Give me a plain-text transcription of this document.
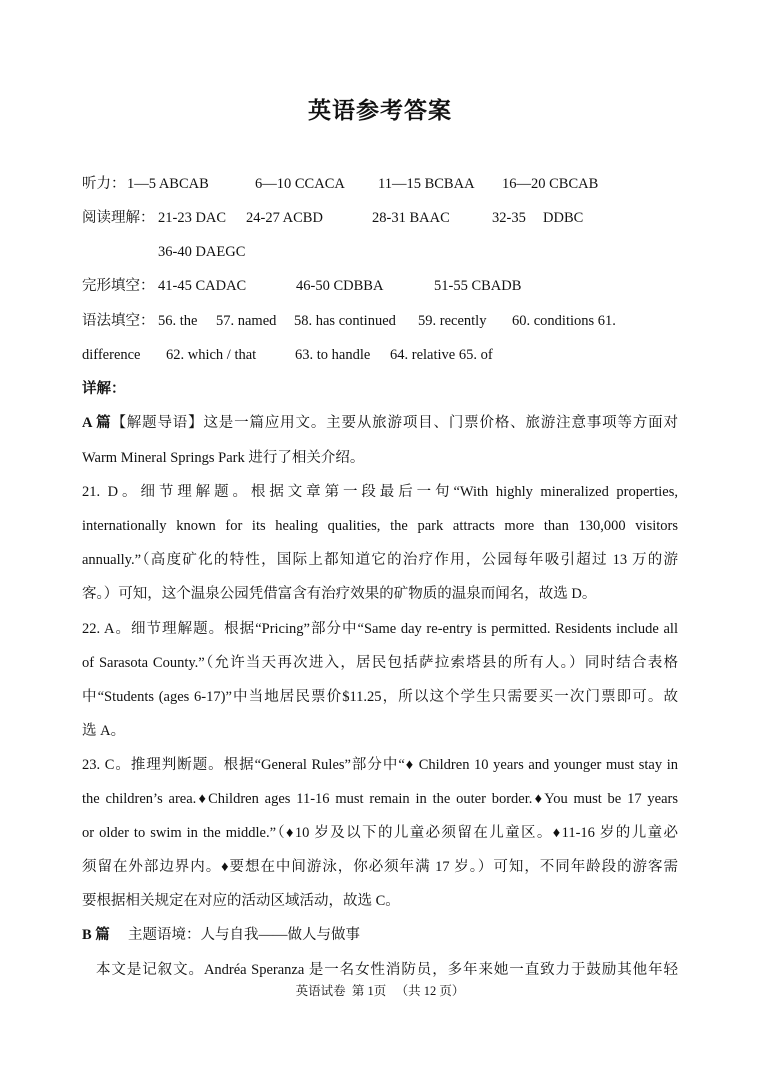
英语参考答案
听力： 1—5 ABCAB	6—10 CCACA 11—15 BCBAA 16—20 CBCAB
阅读理解： 21-23 DAC 24-27 ACBD	28-31 BAAC	32-35 DDBC
36-40 DAEGC
完形填空： 41-45 CADAC	46-50 CDBBA	51-55 CBADB
语法填空： 56. the 57. named 58. has continued 59. recently 60. conditions 61.
difference 62. which / that	63. to handle 64. relative 65. of
详解：
A 篇【解题导语】这是一篇应用文。主要从旅游项目、门票价格、旅游注意事项等方面对
Warm Mineral Springs Park 进行了相关介绍。
21. D。细节理解题。根据文章第一段最后一句“With highly mineralized properties,
internationally known for its healing qualities, the park attracts more than 130,000 visitors
annually.”（高度矿化的特性，国际上都知道它的治疗作用，公园每年吸引超过 13 万的游
客。）可知，这个温泉公园凭借富含有治疗效果的矿物质的温泉而闻名，故选 D。
22. A。细节理解题。根据“Pricing”部分中“Same day re-entry is permitted. Residents include all
of Sarasota County.”（允许当天再次进入，居民包括萨拉索塔县的所有人。）同时结合表格
中“Students (ages 6-17)”中当地居民票价$11.25，所以这个学生只需要买一次门票即可。故
选 A。
23. C。推理判断题。根据“General Rules”部分中“♦ Children 10 years and younger must stay in
the children’s area.♦Children ages 11-16 must remain in the outer border.♦You must be 17 years
or older to swim in the middle.”（♦10 岁及以下的儿童必须留在儿童区。♦11-16 岁的儿童必
须留在外部边界内。♦要想在中间游泳，你必须年满 17 岁。）可知，不同年龄段的游客需
要根据相关规定在对应的活动区域活动，故选 C。
B 篇 主题语境：人与自我——做人与做事
本文是记叙文。Andréa Speranza 是一名女性消防员，多年来她一直致力于鼓励其他年轻
英语试卷 第 1页 （共 12 页）
